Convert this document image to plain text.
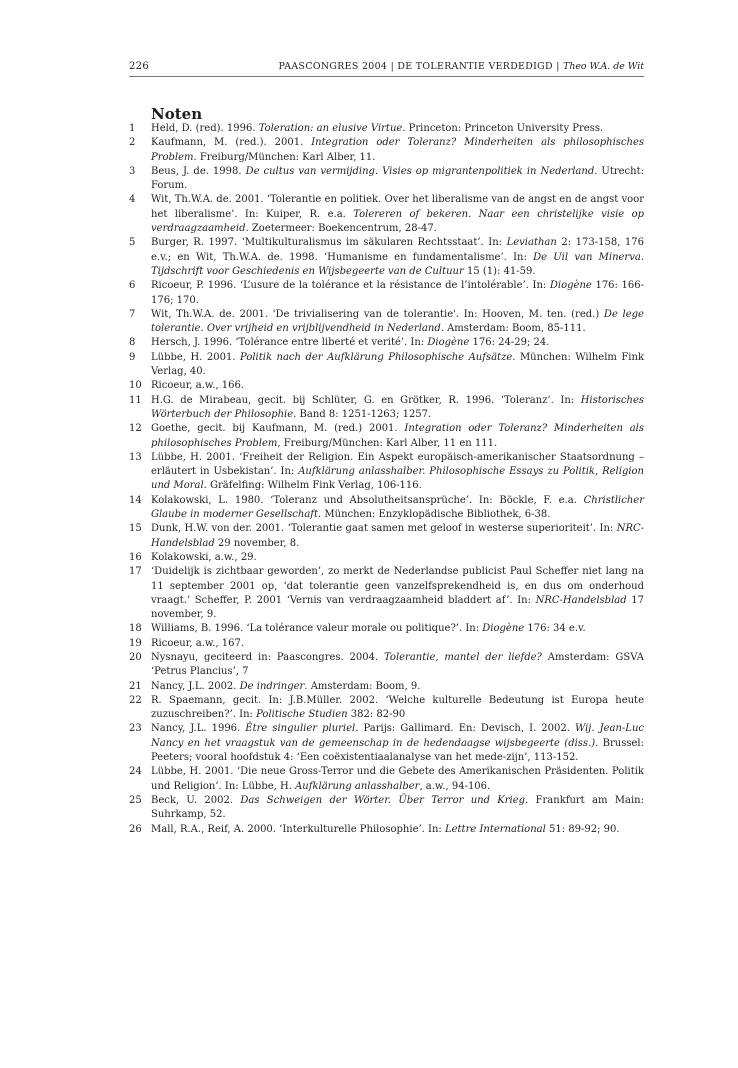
226	PAASCONGRES 2004 | DE TOLERANTIE VERDEDIGD | Theo W.A. de Wit
Noten
1 Held, D. (red). 1996. Toleration: an elusive Virtue. Princeton: Princeton University Press.
2 Kaufmann, M. (red.). 2001. Integration oder Toleranz? Minderheiten als philosophisches Problem. Freiburg/München: Karl Alber, 11.
3 Beus, J. de. 1998. De cultus van vermijding. Visies op migrantenpolitiek in Nederland. Utrecht: Forum.
4 Wit, Th.W.A. de. 2001. ‘Tolerantie en politiek. Over het liberalisme van de angst en de angst voor het liberalisme’. In: Kuiper, R. e.a. Tolereren of bekeren. Naar een christelijke visie op verdraagzaamheid. Zoetermeer: Boekencentrum, 28-47.
5 Burger, R. 1997. ‘Multikulturalismus im säkularen Rechtsstaat’. In: Leviathan 2: 173-158, 176 e.v.; en Wit, Th.W.A. de. 1998. ‘Humanisme en fundamentalisme’. In: De Uil van Minerva. Tijdschrift voor Geschiedenis en Wijsbegeerte van de Cultuur 15 (1): 41-59.
6 Ricoeur, P. 1996. ‘L’usure de la tolérance et la résistance de l’intolérable’. In: Diogène 176: 166-176; 170.
7 Wit, Th.W.A. de. 2001. 'De trivialisering van de tolerantie'. In: Hooven, M. ten. (red.) De lege tolerantie. Over vrijheid en vrijblijvendheid in Nederland. Amsterdam: Boom, 85-111.
8 Hersch, J. 1996. ‘Tolérance entre liberté et verité’. In: Diogène 176: 24-29; 24.
9 Lübbe, H. 2001. Politik nach der Aufklärung Philosophische Aufsätze. München: Wilhelm Fink Verlag, 40.
10 Ricoeur, a.w., 166.
11 H.G. de Mirabeau, gecit. bij Schlüter, G. en Grötker, R. 1996. ‘Toleranz’. In: Historisches Wörterbuch der Philosophie. Band 8: 1251-1263; 1257.
12 Goethe, gecit. bij Kaufmann, M. (red.) 2001. Integration oder Toleranz? Minderheiten als philosophisches Problem, Freiburg/München: Karl Alber, 11 en 111.
13 Lübbe, H. 2001. ‘Freiheit der Religion. Ein Aspekt europäisch-amerikanischer Staatsordnung – erläutert in Usbekistan’. In: Aufklärung anlasshalber. Philosophische Essays zu Politik, Religion und Moral. Gräfelfing: Wilhelm Fink Verlag, 106-116.
14 Kolakowski, L. 1980. ‘Toleranz und Absolutheitsansprüche’. In: Böckle, F. e.a. Christlicher Glaube in moderner Gesellschaft. München: Enzyklopädische Bibliothek, 6-38.
15 Dunk, H.W. von der. 2001. ‘Tolerantie gaat samen met geloof in westerse superioriteit’. In: NRC-Handelsblad 29 november, 8.
16 Kolakowski, a.w., 29.
17 ‘Duidelijk is zichtbaar geworden’, zo merkt de Nederlandse publicist Paul Scheffer niet lang na 11 september 2001 op, ‘dat tolerantie geen vanzelfsprekendheid is, en dus om onderhoud vraagt.’ Scheffer, P. 2001 ‘Vernis van verdraagzaamheid bladdert af’. In: NRC-Handelsblad 17 november, 9.
18 Williams, B. 1996. ‘La tolérance valeur morale ou politique?’. In: Diogène 176: 34 e.v.
19 Ricoeur, a.w., 167.
20 Nysnayu, geciteerd in: Paascongres. 2004. Tolerantie, mantel der liefde? Amsterdam: GSVA ‘Petrus Plancius’, 7
21 Nancy, J.L. 2002. De indringer. Amsterdam: Boom, 9.
22 R. Spaemann, gecit. In: J.B.Müller. 2002. ‘Welche kulturelle Bedeutung ist Europa heute zuzuschreiben?’. In: Politische Studien 382: 82-90
23 Nancy, J.L. 1996. Être singulier pluriel. Parijs: Gallimard. En: Devisch, I. 2002. Wij. Jean-Luc Nancy en het vraagstuk van de gemeenschap in de hedendaagse wijsbegeerte (diss.). Brussel: Peeters; vooral hoofdstuk 4: ‘Een coëxistentiaalanalyse van het mede-zijn’, 113-152.
24 Lübbe, H. 2001. ‘Die neue Gross-Terror und die Gebete des Amerikanischen Präsidenten. Politik und Religion’. In: Lübbe, H. Aufklärung anlasshalber, a.w., 94-106.
25 Beck, U. 2002. Das Schweigen der Wörter. Über Terror und Krieg. Frankfurt am Main: Suhrkamp, 52.
26 Mall, R.A., Reif, A. 2000. ‘Interkulturelle Philosophie’. In: Lettre International 51: 89-92; 90.
